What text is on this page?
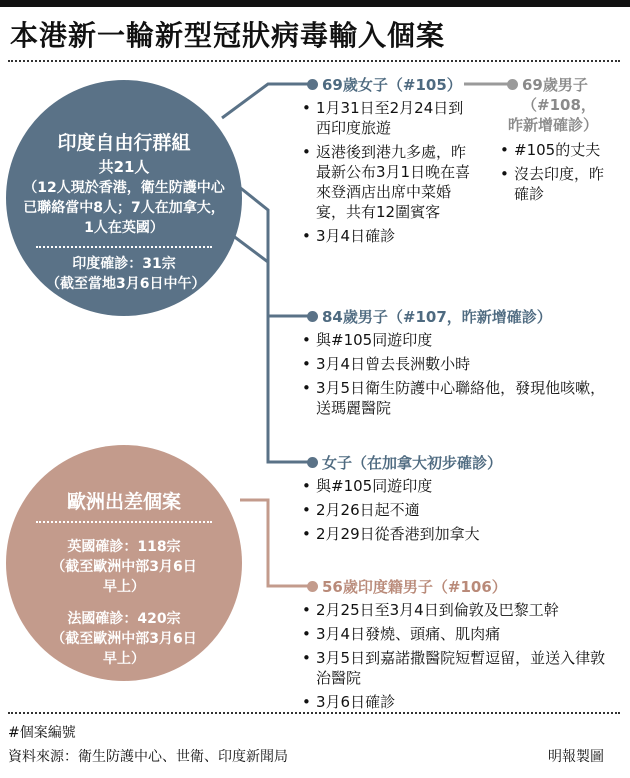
本港新一輪新型冠狀病毒輸入個案
印度自由行群組
共21人
（12人現於香港，衛生防護中心已聯絡當中8人；7人在加拿大，1人在英國）
印度確診：31宗
（截至當地3月6日中午）
歐洲出差個案
英國確診：118宗
（截至歐洲中部3月6日早上）
法國確診：420宗
（截至歐洲中部3月6日早上）
69歲女子（#105）
• 1月31日至2月24日到西印度旅遊
• 返港後到港九多處，昨最新公布3月1日晚在喜來登酒店出席中菜婚宴，共有12圍賓客
• 3月4日確診
69歲男子
（#108，
昨新增確診）
• #105的丈夫
• 沒去印度，昨確診
84歲男子（#107，昨新增確診）
• 與#105同遊印度
• 3月4日曾去長洲數小時
• 3月5日衛生防護中心聯絡他，發現他咳嗽，送瑪麗醫院
女子（在加拿大初步確診）
• 與#105同遊印度
• 2月26日起不適
• 2月29日從香港到加拿大
56歲印度籍男子（#106）
• 2月25日至3月4日到倫敦及巴黎工幹
• 3月4日發燒、頭痛、肌肉痛
• 3月5日到嘉諾撒醫院短暫逗留，並送入律敦治醫院
• 3月6日確診
#個案編號
資料來源：衛生防護中心、世衛、印度新聞局	明報製圖
